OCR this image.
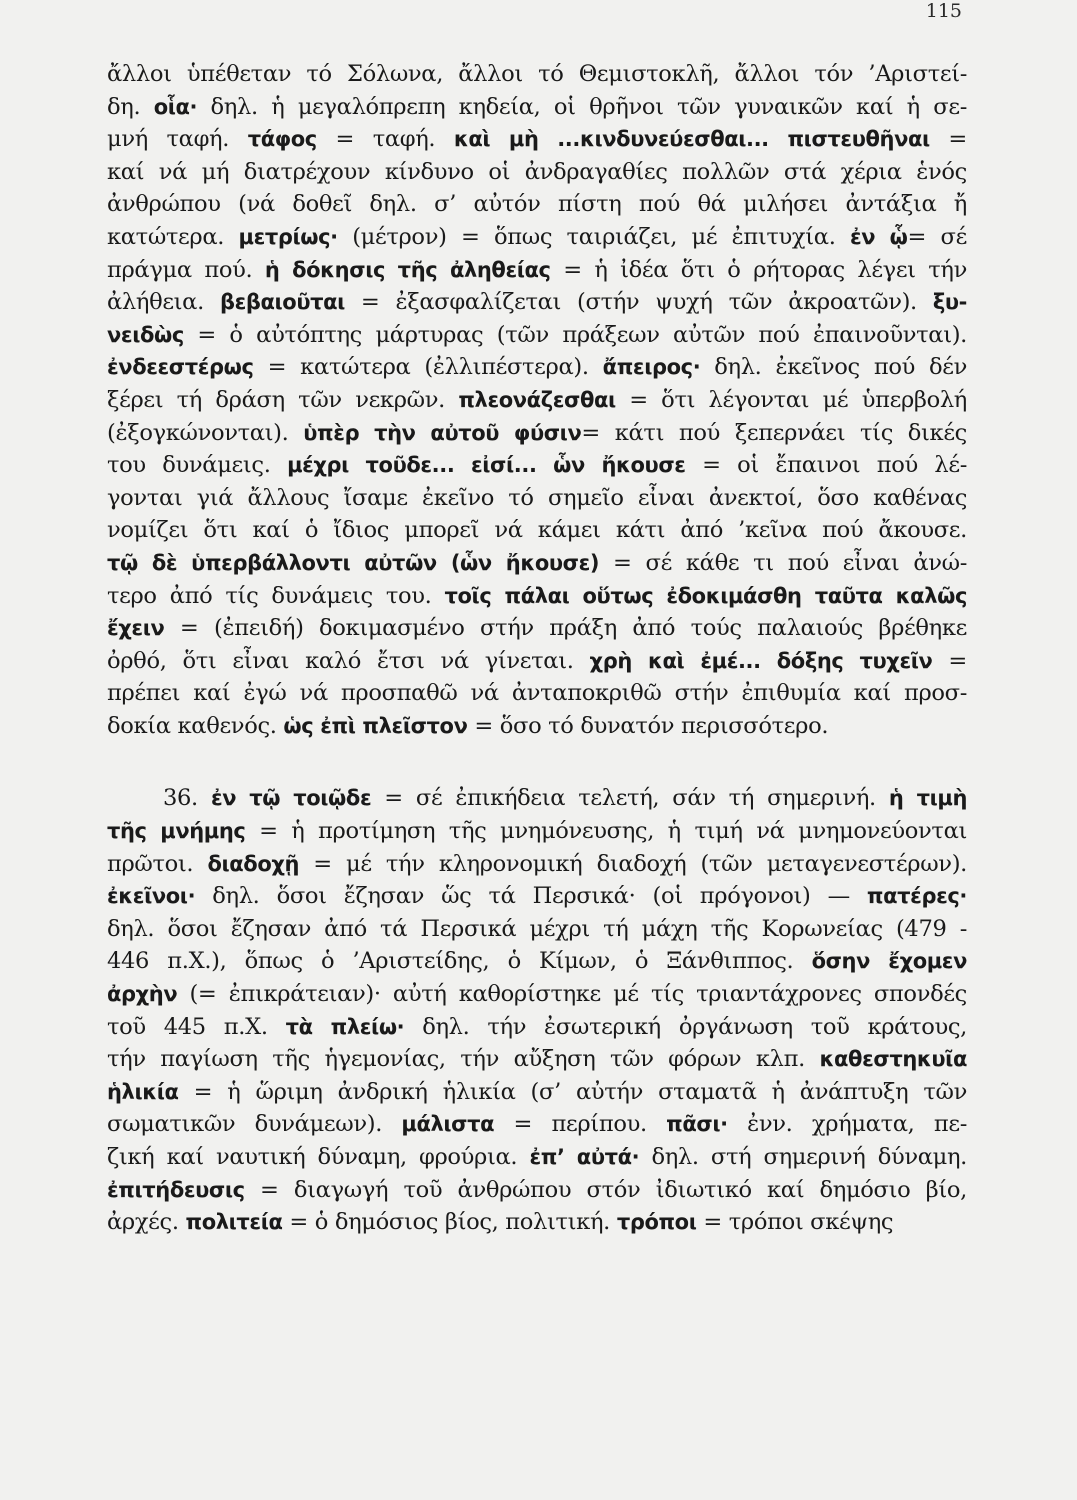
115
ἄλλοι ὑπέθεταν τό Σόλωνα, ἄλλοι τό Θεμιστοκλῆ, ἄλλοι τόν ’Αριστεί-
δη. οἷα· δηλ. ἡ μεγαλόπρεπη κηδεία, οἱ θρῆνοι τῶν γυναικῶν καί ἡ σε-
μνή ταφή. τάφος = ταφή. καὶ μὴ ...κινδυνεύεσθαι... πιστευθῆναι =
καί νά μή διατρέχουν κίνδυνο οἱ ἀνδραγαθίες πολλῶν στά χέρια ἑνός
ἀνθρώπου (νά δοθεῖ δηλ. σ’ αὐτόν πίστη πού θά μιλήσει ἀντάξια ἤ
κατώτερα. μετρίως· (μέτρον) = ὅπως ταιριάζει, μέ ἐπιτυχία. ἐν ᾧ= σέ
πράγμα πού. ἡ δόκησις τῆς ἀληθείας = ἡ ἰδέα ὅτι ὁ ρήτορας λέγει τήν
ἀλήθεια. βεβαιοῦται = ἐξασφαλίζεται (στήν ψυχή τῶν ἀκροατῶν). ξυ-
νειδὼς = ὁ αὐτόπτης μάρτυρας (τῶν πράξεων αὐτῶν πού ἐπαινοῦνται).
ἐνδεεστέρως = κατώτερα (ἐλλιπέστερα). ἄπειρος· δηλ. ἐκεῖνος πού δέν
ξέρει τή δράση τῶν νεκρῶν. πλεονάζεσθαι = ὅτι λέγονται μέ ὑπερβολή
(ἐξογκώνονται). ὑπὲρ τὴν αὐτοῦ φύσιν= κάτι πού ξεπερνάει τίς δικές
του δυνάμεις. μέχρι τοῦδε... εἰσί... ὧν ἤκουσε = οἱ ἔπαινοι πού λέ-
γονται γιά ἄλλους ἴσαμε ἐκεῖνο τό σημεῖο εἶναι ἀνεκτοί, ὅσο καθένας
νομίζει ὅτι καί ὁ ἴδιος μπορεῖ νά κάμει κάτι ἀπό ’κεῖνα πού ἄκουσε.
τῷ δὲ ὑπερβάλλοντι αὐτῶν (ὧν ἤκουσε) = σέ κάθε τι πού εἶναι ἀνώ-
τερο ἀπό τίς δυνάμεις του. τοῖς πάλαι οὕτως ἐδοκιμάσθη ταῦτα καλῶς
ἔχειν = (ἐπειδή) δοκιμασμένο στήν πράξη ἀπό τούς παλαιούς βρέθηκε
ὀρθό, ὅτι εἶναι καλό ἔτσι νά γίνεται. χρὴ καὶ ἐμέ... δόξης τυχεῖν =
πρέπει καί ἐγώ νά προσπαθῶ νά ἀνταποκριθῶ στήν ἐπιθυμία καί προσ-
δοκία καθενός. ὡς ἐπὶ πλεῖστον = ὅσο τό δυνατόν περισσότερο.
36. ἐν τῷ τοιῷδε = σέ ἐπικήδεια τελετή, σάν τή σημερινή. ἡ τιμὴ
τῆς μνήμης = ἡ προτίμηση τῆς μνημόνευσης, ἡ τιμή νά μνημονεύονται
πρῶτοι. διαδοχῇ = μέ τήν κληρονομική διαδοχή (τῶν μεταγενεστέρων).
ἐκεῖνοι· δηλ. ὅσοι ἔζησαν ὥς τά Περσικά· (οἱ πρόγονοι) — πατέρες·
δηλ. ὅσοι ἔζησαν ἀπό τά Περσικά μέχρι τή μάχη τῆς Κορωνείας (479 -
446 π.Χ.), ὅπως ὁ ’Αριστείδης, ὁ Κίμων, ὁ Ξάνθιππος. ὅσην ἔχομεν
ἀρχὴν (= ἐπικράτειαν)· αὐτή καθορίστηκε μέ τίς τριαντάχρονες σπονδές
τοῦ 445 π.Χ. τὰ πλείω· δηλ. τήν ἐσωτερική ὀργάνωση τοῦ κράτους,
τήν παγίωση τῆς ἡγεμονίας, τήν αὔξηση τῶν φόρων κλπ. καθεστηκυῖα
ἡλικία = ἡ ὥριμη ἀνδρική ἡλικία (σ’ αὐτήν σταματᾶ ἡ ἀνάπτυξη τῶν
σωματικῶν δυνάμεων). μάλιστα = περίπου. πᾶσι· ἐνν. χρήματα, πε-
ζική καί ναυτική δύναμη, φρούρια. ἐπ’ αὐτά· δηλ. στή σημερινή δύναμη.
ἐπιτήδευσις = διαγωγή τοῦ ἀνθρώπου στόν ἰδιωτικό καί δημόσιο βίο,
ἀρχές. πολιτεία = ὁ δημόσιος βίος, πολιτική. τρόποι = τρόποι σκέψης
